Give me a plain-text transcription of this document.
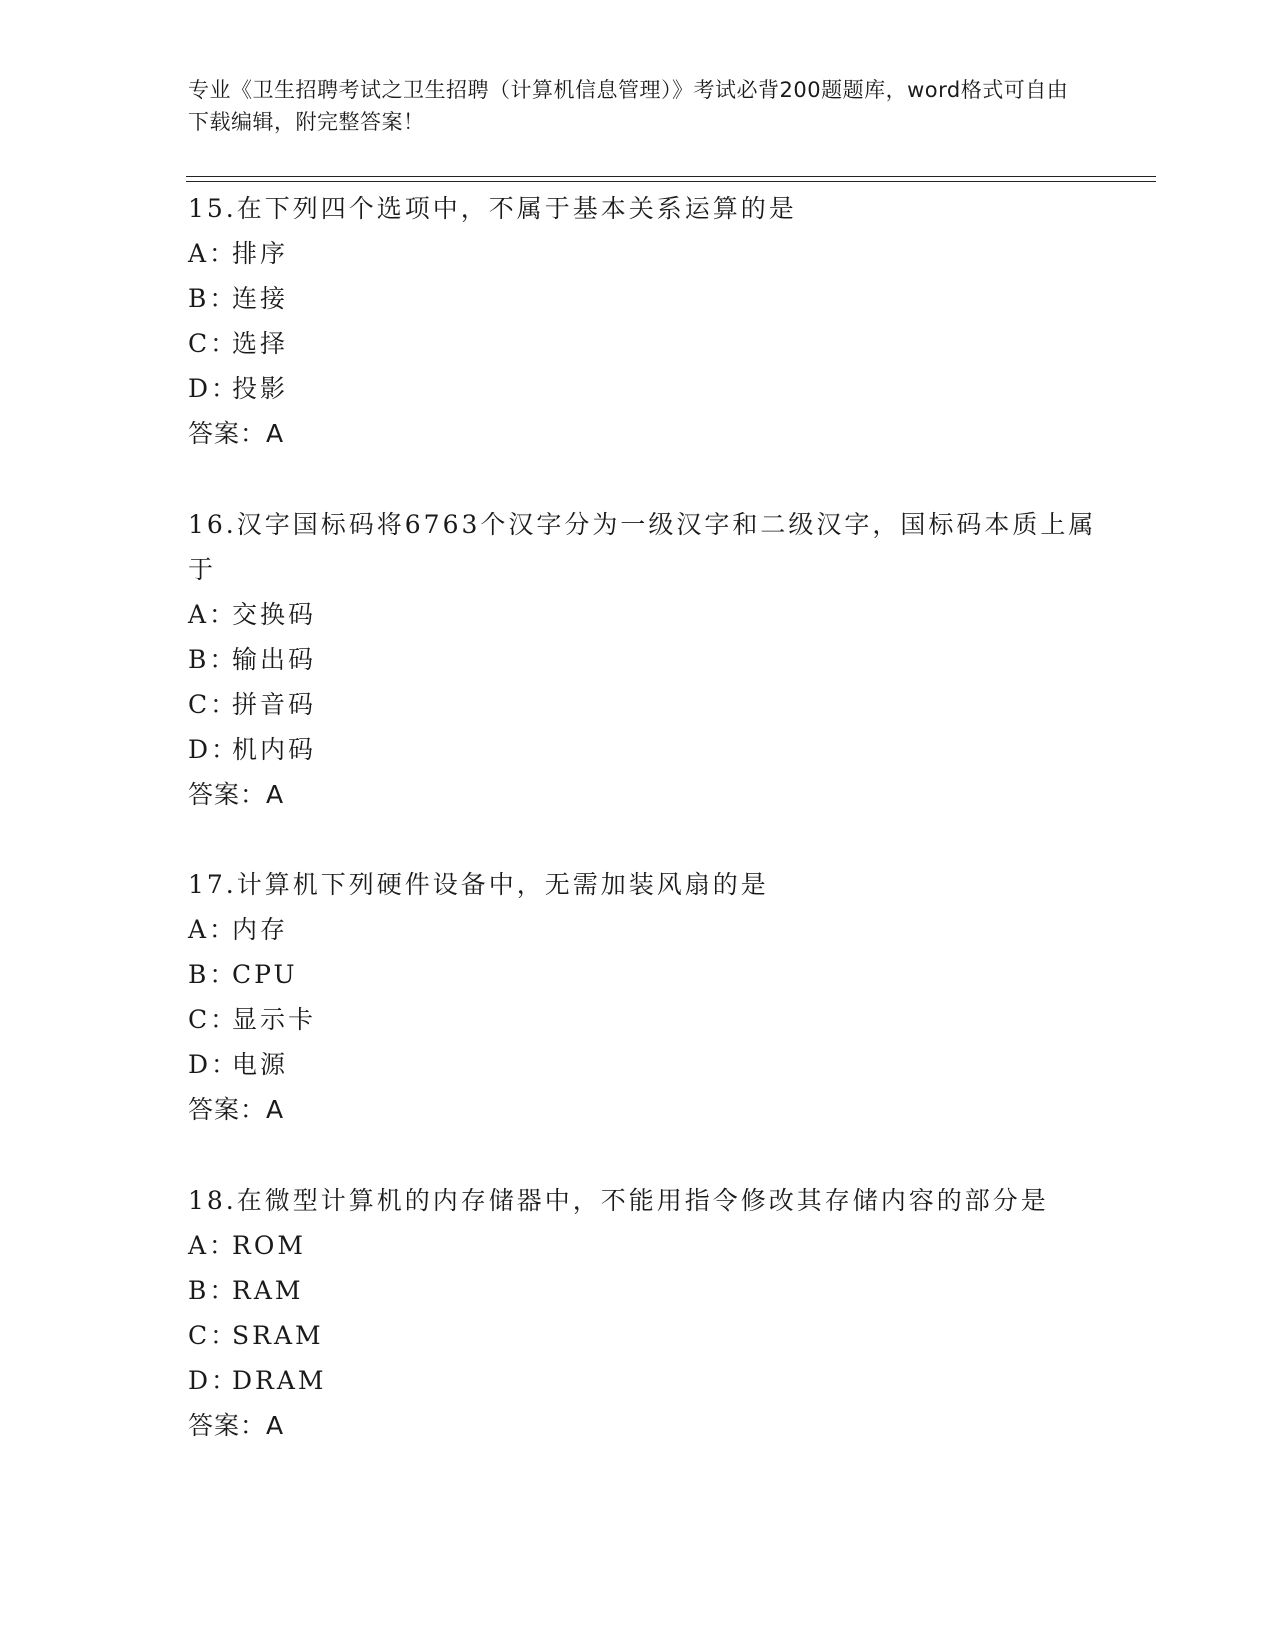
专业《卫生招聘考试之卫生招聘（计算机信息管理）》考试必背200题题库，word格式可自由下载编辑，附完整答案！
15.在下列四个选项中，不属于基本关系运算的是
A：排序
B：连接
C：选择
D：投影
答案：A
16.汉字国标码将6763个汉字分为一级汉字和二级汉字，国标码本质上属于
A：交换码
B：输出码
C：拼音码
D：机内码
答案：A
17.计算机下列硬件设备中，无需加装风扇的是
A：内存
B：CPU
C：显示卡
D：电源
答案：A
18.在微型计算机的内存储器中，不能用指令修改其存储内容的部分是
A：ROM
B：RAM
C：SRAM
D：DRAM
答案：A
